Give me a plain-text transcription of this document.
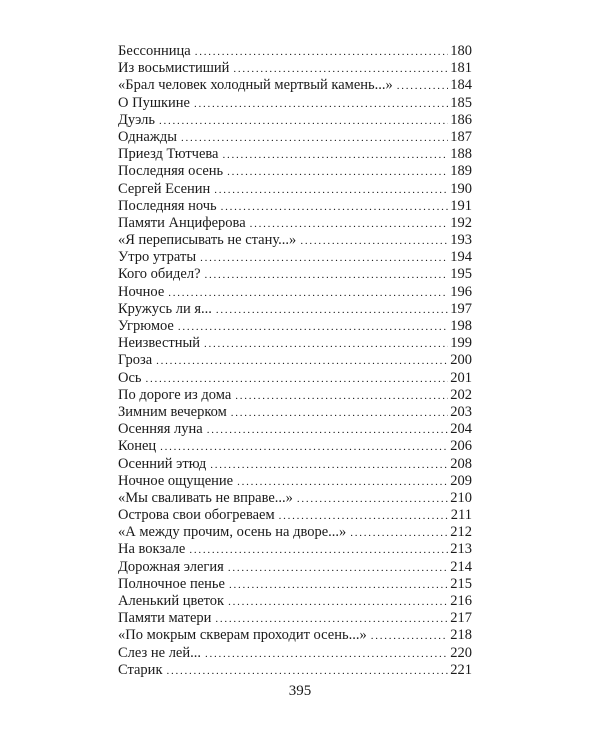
Бессонница . . .	180
Из восьмистиший . . .	181
«Брал человек холодный мертвый камень...» . . .	184
О Пушкине . . .	185
Дуэль . . .	186
Однажды . . .	187
Приезд Тютчева . . .	188
Последняя осень . . .	189
Сергей Есенин . . .	190
Последняя ночь . . .	191
Памяти Анциферова . . .	192
«Я переписывать не стану...» . . .	193
Утро утраты . . .	194
Кого обидел? . . .	195
Ночное . . .	196
Кружусь ли я... . . .	197
Угрюмое . . .	198
Неизвестный . . .	199
Гроза . . .	200
Ось . . .	201
По дороге из дома . . .	202
Зимним вечерком . . .	203
Осенняя луна . . .	204
Конец . . .	206
Осенний этюд . . .	208
Ночное ощущение . . .	209
«Мы сваливать не вправе...» . . .	210
Острова свои обогреваем . . .	211
«А между прочим, осень на дворе...» . . .	212
На вокзале . . .	213
Дорожная элегия . . .	214
Полночное пенье . . .	215
Аленький цветок . . .	216
Памяти матери . . .	217
«По мокрым скверам проходит осень...» . . .	218
Слез не лей... . . .	220
Старик . . .	221
395
